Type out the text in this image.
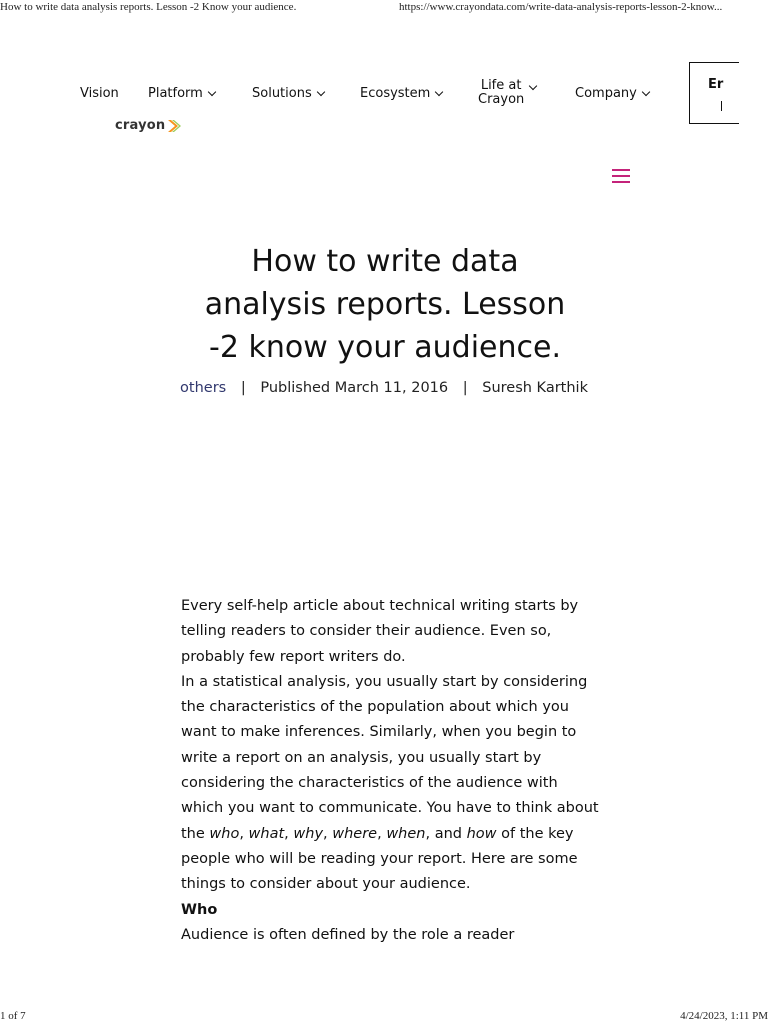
How to write data analysis reports. Lesson -2 Know your audience.	https://www.crayondata.com/write-data-analysis-reports-lesson-2-know...
Vision Platform	Solutions	Ecosystem
Life at
Crayon	Company
Er
crayon
How to write data
analysis reports. Lesson
-2 know your audience.
others | Published March 11, 2016 | Suresh Karthik

Every self-help article about technical writing starts by telling readers to consider their audience. Even so, probably few report writers do.

In a statistical analysis, you usually start by considering the characteristics of the population about which you want to make inferences. Similarly, when you begin to write a report on an analysis, you usually start by considering the characteristics of the audience with which you want to communicate. You have to think about the who, what, why, where, when, and how of the key people who will be reading your report. Here are some things to consider about your audience.

Who

Audience is often defined by the role a reader

1 of 7	4/24/2023, 1:11 PM
